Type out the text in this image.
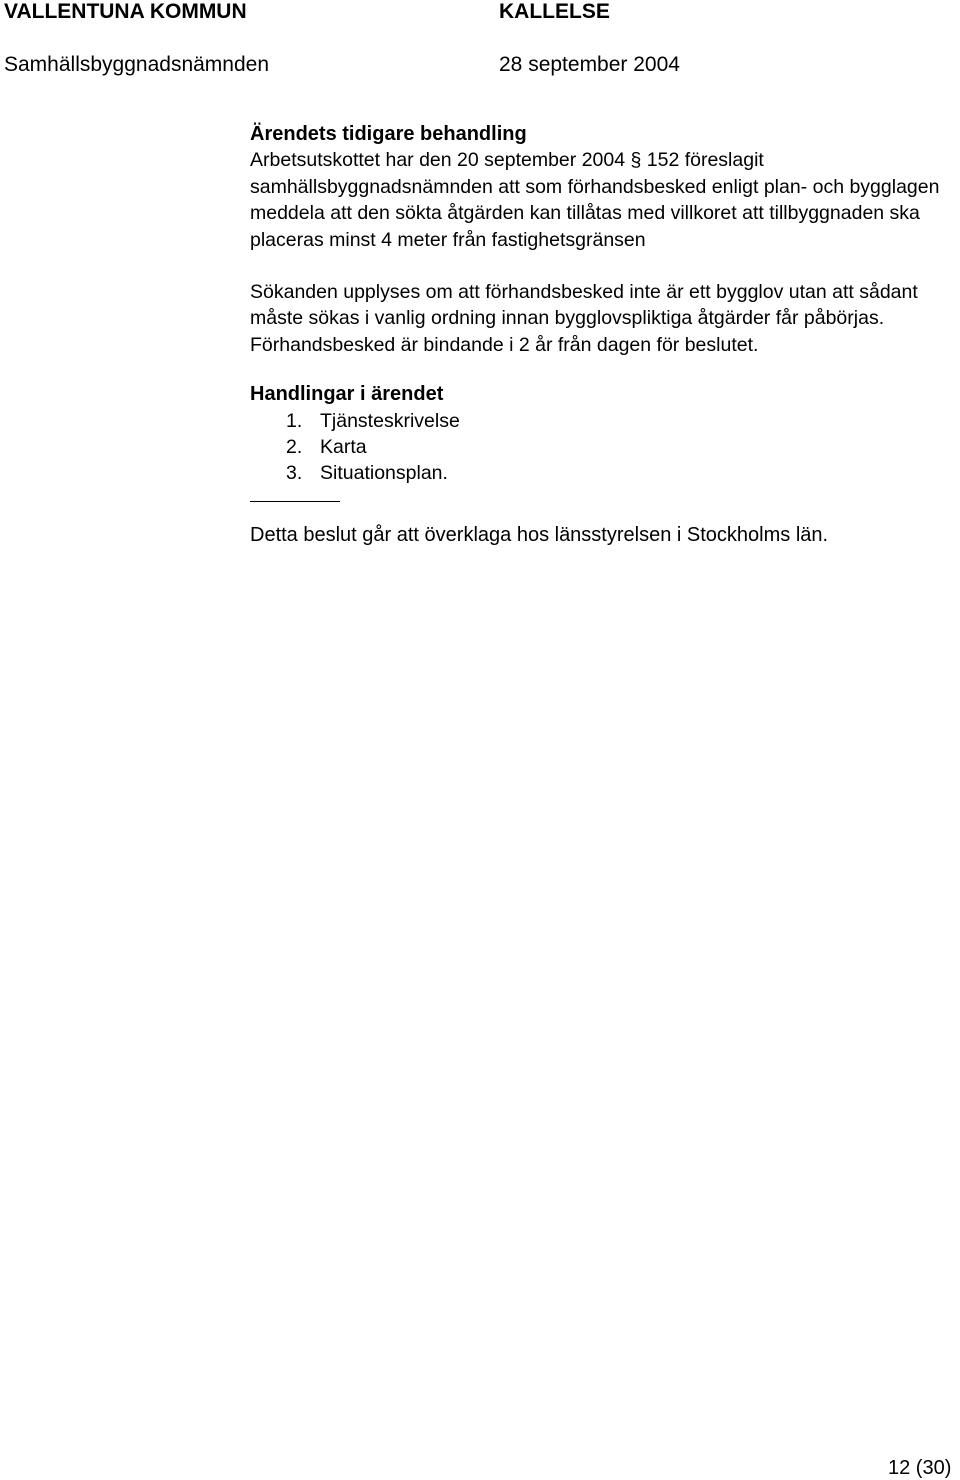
VALLENTUNA KOMMUN	KALLELSE
Samhällsbyggnadsnämnden	28 september 2004
Ärendets tidigare behandling

Arbetsutskottet har den 20 september 2004 § 152 föreslagit samhällsbyggnadsnämnden att som förhandsbesked enligt plan- och bygglagen meddela att den sökta åtgärden kan tillåtas med villkoret att tillbyggnaden ska placeras minst 4 meter från fastighetsgränsen

Sökanden upplyses om att förhandsbesked inte är ett bygglov utan att sådant måste sökas i vanlig ordning innan bygglovspliktiga åtgärder får påbörjas. Förhandsbesked är bindande i 2 år från dagen för beslutet.

Handlingar i ärendet
1. Tjänsteskrivelse
2. Karta
3. Situationsplan.

Detta beslut går att överklaga hos länsstyrelsen i Stockholms län.

12 (30)
